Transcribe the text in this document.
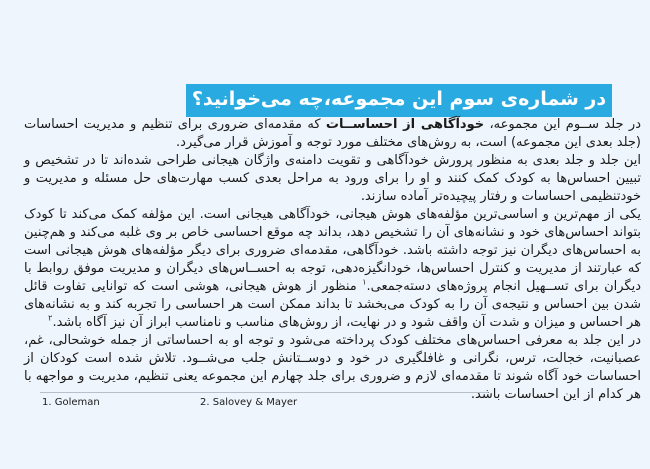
در شماره‌ی سوم این مجموعه،چه می‌خوانید؟

در جلد ســوم این مجموعه، خودآگاهی از احساســات که مقدمه‌ای ضروری برای تنظیم و مدیریت احساسات (جلد بعدی این مجموعه) است، به روش‌های مختلف مورد توجه و آموزش قرار می‌گیرد.

این جلد و جلد بعدی به منظور پرورش خودآگاهی و تقویت دامنه‌ی واژگان هیجانی طراحی شده‌اند تا در تشخیص و تبیین احساس‌ها به کودک کمک کنند و او را برای ورود به مراحل بعدی کسب مهارت‌های حل مسئله و مدیریت و خودتنظیمی احساسات و رفتار پیچیده‌تر آماده سازند.

یکی از مهم‌ترین و اساسی‌ترین مؤلفه‌های هوش هیجانی، خودآگاهی هیجانی است. این مؤلفه کمک می‌کند تا کودک بتواند احساس‌های خود و نشانه‌های آن را تشخیص دهد، بداند چه موقع احساسی خاص بر وی غلبه می‌کند و هم‌چنین به احساس‌های دیگران نیز توجه داشته باشد. خودآگاهی، مقدمه‌ای ضروری برای دیگر مؤلفه‌های هوش هیجانی است که عبارتند از مدیریت و کنترل احساس‌ها، خودانگیزه‌دهی، توجه به احســاس‌های دیگران و مدیریت موفق روابط با دیگران برای تســهیل انجام پروژه‌های دسته‌جمعی.$^۱$ منظور از هوش هیجانی، هوشی است که توانایی تفاوت قائل شدن بین احساس و نتیجه‌ی آن را به کودک می‌بخشد تا بداند ممکن است هر احساسی را تجربه کند و به نشانه‌های هر احساس و میزان و شدت آن واقف شود و در نهایت، از روش‌های مناسب و نامناسب ابراز آن نیز آگاه باشد.$^۲$

در این جلد به معرفی احساس‌های مختلف کودک پرداخته می‌شود و توجه او به احساساتی از جمله خوشحالی، غم، عصبانیت، خجالت، ترس، نگرانی و غافلگیری در خود و دوســتانش جلب می‌شــود. تلاش شده است کودکان از احساسات خود آگاه شوند تا مقدمه‌ای لازم و ضروری برای جلد چهارم این مجموعه یعنی تنظیم، مدیریت و مواجهه با هر کدام از این احساسات باشد.

1. Goleman	2. Salovey & Mayer
